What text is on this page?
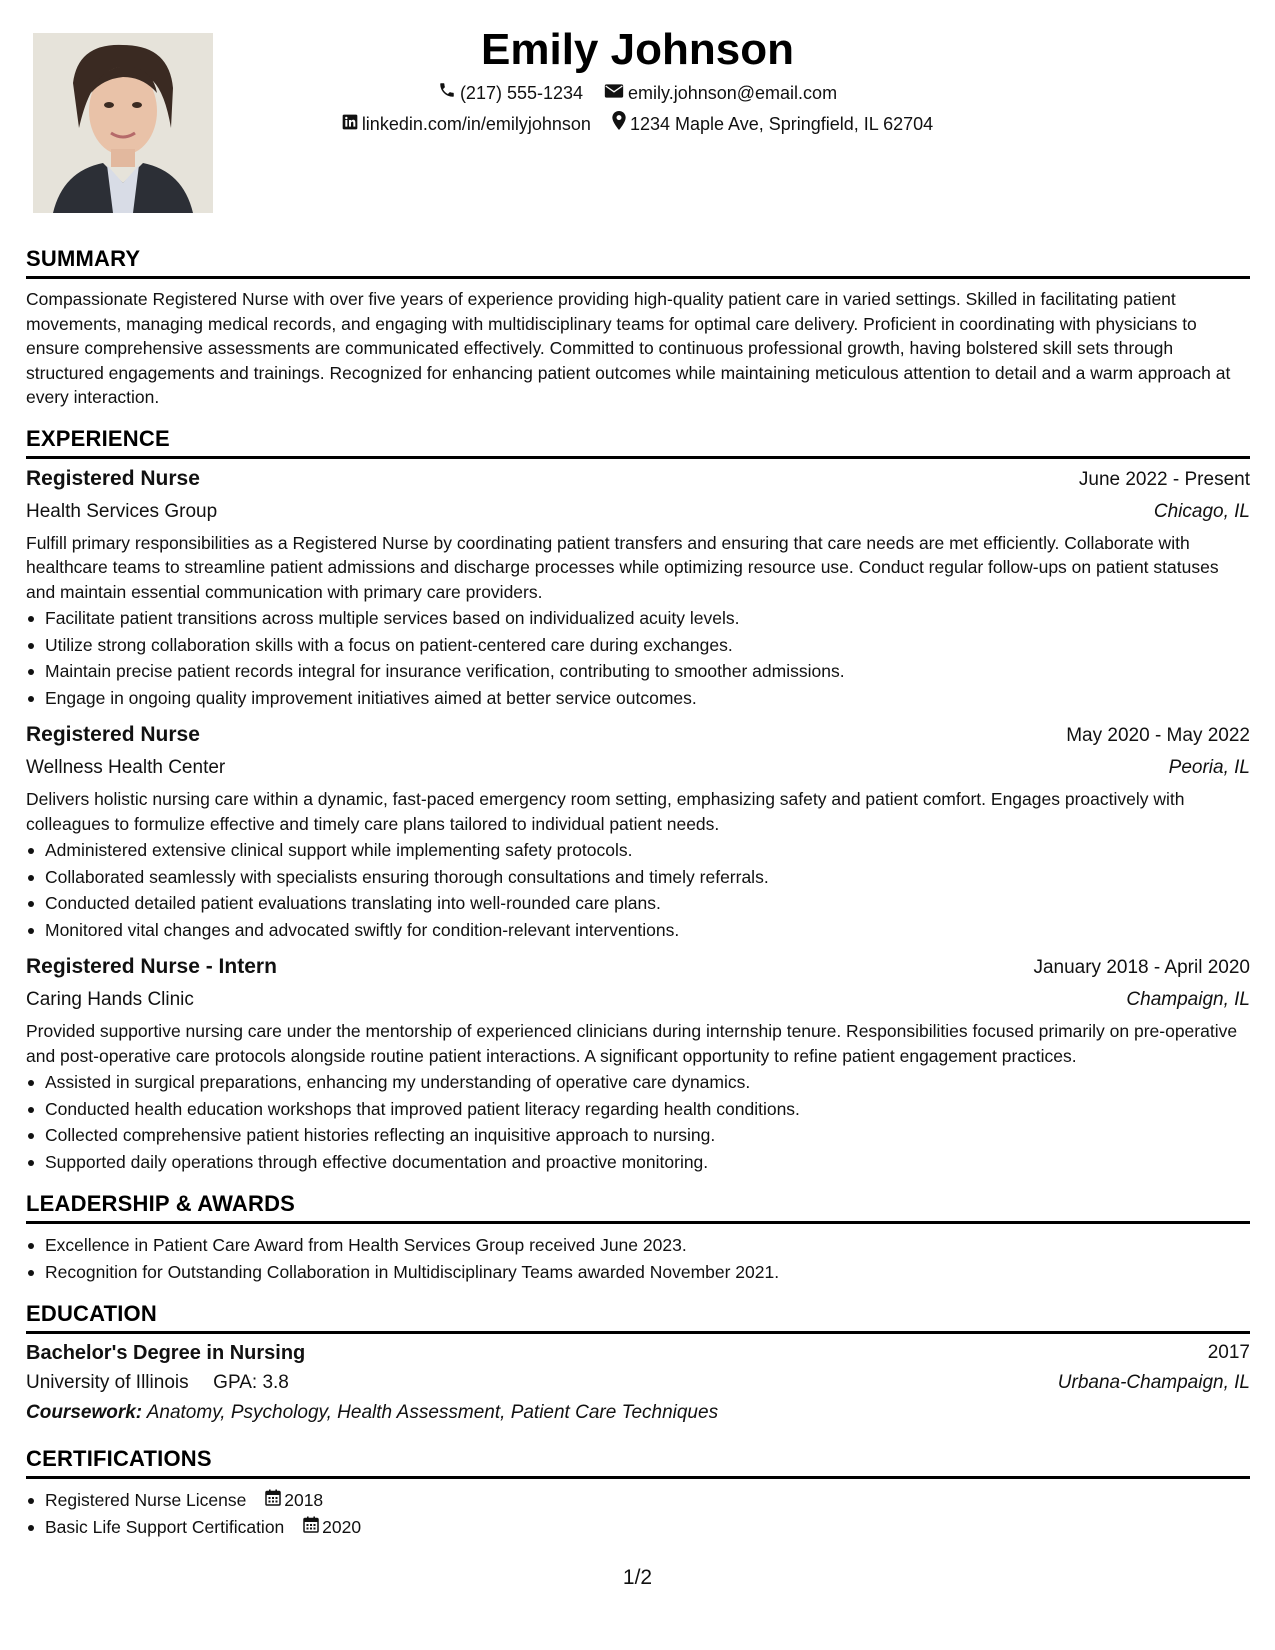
Emily Johnson
(217) 555-1234
	emily.johnson@email.com
linkedin.com/in/emilyjohnson
1234 Maple Ave, Springfield, IL 62704
SUMMARY
Compassionate Registered Nurse with over five years of experience providing high-quality patient care in varied settings. Skilled in facilitating patient movements, managing medical records, and engaging with multidisciplinary teams for optimal care delivery. Proficient in coordinating with physicians to ensure comprehensive assessments are communicated effectively. Committed to continuous professional growth, having bolstered skill sets through structured engagements and trainings. Recognized for enhancing patient outcomes while maintaining meticulous attention to detail and a warm approach at every interaction.
EXPERIENCE
Registered Nurse	June 2022 - Present
Health Services Group	Chicago, IL
Fulfill primary responsibilities as a Registered Nurse by coordinating patient transfers and ensuring that care needs are met efficiently. Collaborate with healthcare teams to streamline patient admissions and discharge processes while optimizing resource use. Conduct regular follow-ups on patient statuses and maintain essential communication with primary care providers.
Facilitate patient transitions across multiple services based on individualized acuity levels.
Utilize strong collaboration skills with a focus on patient-centered care during exchanges.
Maintain precise patient records integral for insurance verification, contributing to smoother admissions.
Engage in ongoing quality improvement initiatives aimed at better service outcomes.
Registered Nurse	May 2020 - May 2022
Wellness Health Center	Peoria, IL
Delivers holistic nursing care within a dynamic, fast-paced emergency room setting, emphasizing safety and patient comfort. Engages proactively with colleagues to formulize effective and timely care plans tailored to individual patient needs.
Administered extensive clinical support while implementing safety protocols.
Collaborated seamlessly with specialists ensuring thorough consultations and timely referrals.
Conducted detailed patient evaluations translating into well-rounded care plans.
Monitored vital changes and advocated swiftly for condition-relevant interventions.
Registered Nurse - Intern	January 2018 - April 2020
Caring Hands Clinic	Champaign, IL
Provided supportive nursing care under the mentorship of experienced clinicians during internship tenure. Responsibilities focused primarily on pre-operative and post-operative care protocols alongside routine patient interactions. A significant opportunity to refine patient engagement practices.
Assisted in surgical preparations, enhancing my understanding of operative care dynamics.
Conducted health education workshops that improved patient literacy regarding health conditions.
Collected comprehensive patient histories reflecting an inquisitive approach to nursing.
Supported daily operations through effective documentation and proactive monitoring.
LEADERSHIP & AWARDS
Excellence in Patient Care Award from Health Services Group received June 2023.
Recognition for Outstanding Collaboration in Multidisciplinary Teams awarded November 2021.
EDUCATION
Bachelor's Degree in Nursing	2017
University of Illinois GPA: 3.8	Urbana-Champaign, IL
Coursework: Anatomy, Psychology, Health Assessment, Patient Care Techniques
CERTIFICATIONS
Registered Nurse License 2018
Basic Life Support Certification 2020
1/2
